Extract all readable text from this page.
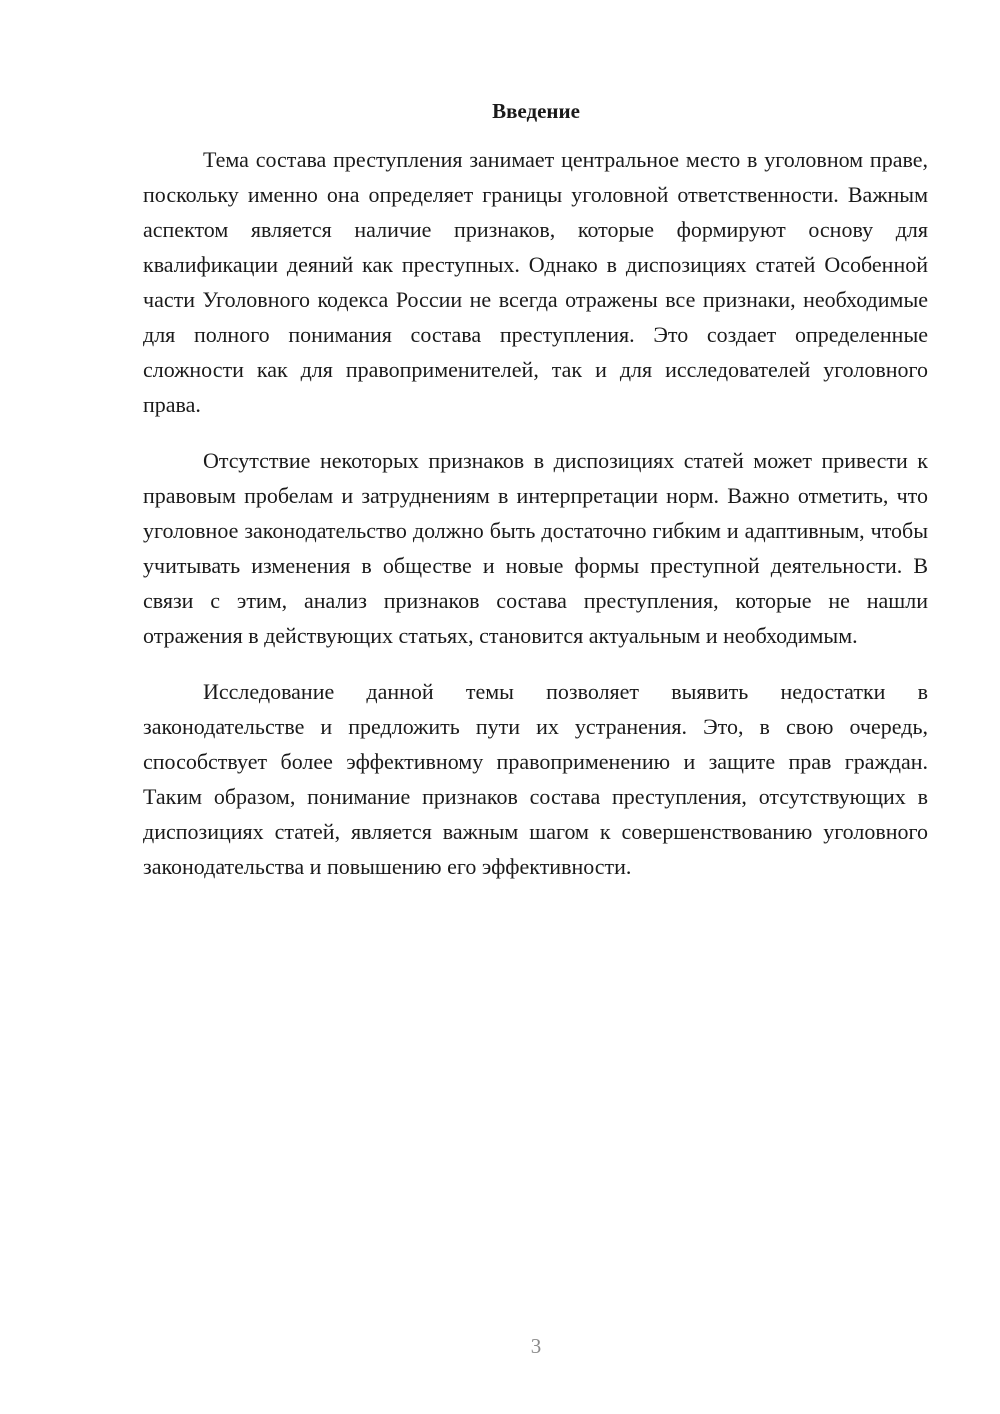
Введение

Тема состава преступления занимает центральное место в уголовном праве, поскольку именно она определяет границы уголовной ответственности. Важным аспектом является наличие признаков, которые формируют основу для квалификации деяний как преступных. Однако в диспозициях статей Особенной части Уголовного кодекса России не всегда отражены все признаки, необходимые для полного понимания состава преступления. Это создает определенные сложности как для правоприменителей, так и для исследователей уголовного права.

Отсутствие некоторых признаков в диспозициях статей может привести к правовым пробелам и затруднениям в интерпретации норм. Важно отметить, что уголовное законодательство должно быть достаточно гибким и адаптивным, чтобы учитывать изменения в обществе и новые формы преступной деятельности. В связи с этим, анализ признаков состава преступления, которые не нашли отражения в действующих статьях, становится актуальным и необходимым.

Исследование данной темы позволяет выявить недостатки в законодательстве и предложить пути их устранения. Это, в свою очередь, способствует более эффективному правоприменению и защите прав граждан. Таким образом, понимание признаков состава преступления, отсутствующих в диспозициях статей, является важным шагом к совершенствованию уголовного законодательства и повышению его эффективности.

3
